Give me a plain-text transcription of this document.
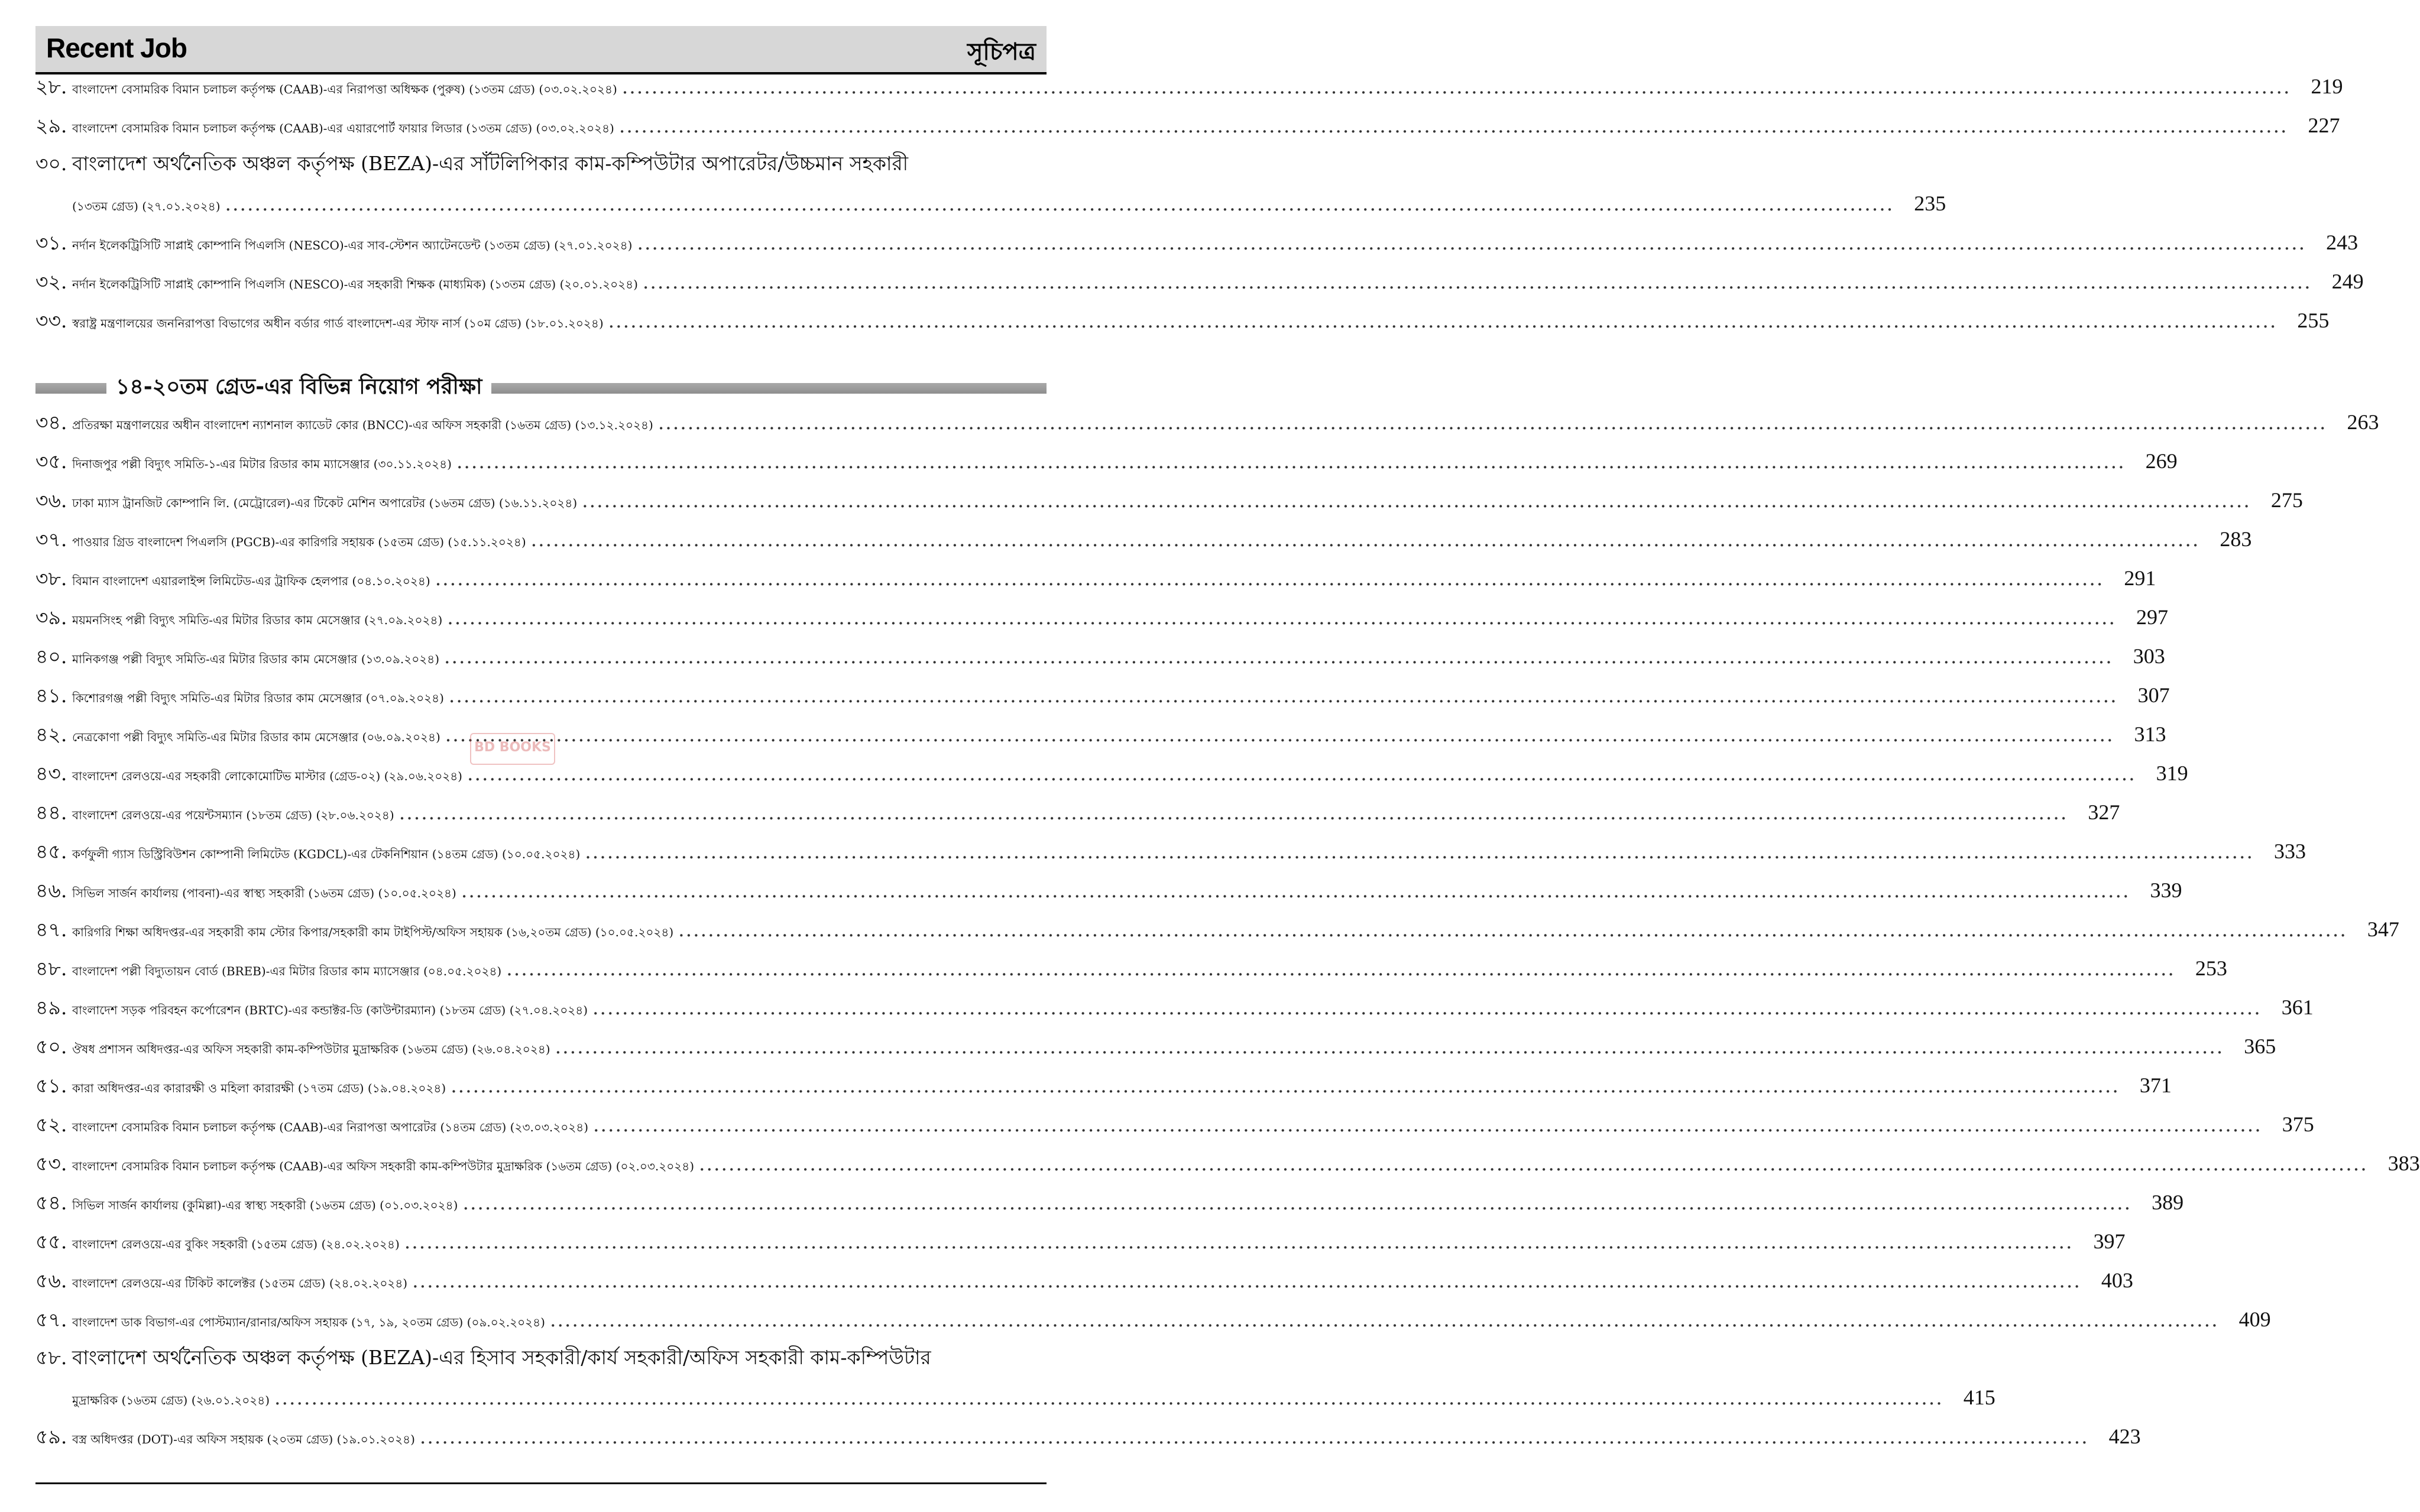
Recent Job	সূচিপত্র
২৮. বাংলাদেশ বেসামরিক বিমান চলাচল কর্তৃপক্ষ (CAAB)-এর নিরাপত্তা অধিক্ষক (পুরুষ) (১৩তম গ্রেড) (০৩.০২.২০২৪) .....	219
২৯. বাংলাদেশ বেসামরিক বিমান চলাচল কর্তৃপক্ষ (CAAB)-এর এয়ারপোর্ট ফায়ার লিডার (১৩তম গ্রেড) (০৩.০২.২০২৪) .....	227
৩০. বাংলাদেশ অর্থনৈতিক অঞ্চল কর্তৃপক্ষ (BEZA)-এর সাঁটলিপিকার কাম-কম্পিউটার অপারেটর/উচ্চমান সহকারী
(১৩তম গ্রেড) (২৭.০১.২০২৪) .....	235
৩১. নর্দান ইলেকট্রিসিটি সাপ্লাই কোম্পানি পিএলসি (NESCO)-এর সাব-স্টেশন অ্যাটেনডেন্ট (১৩তম গ্রেড) (২৭.০১.২০২৪) .....	243
৩২. নর্দান ইলেকট্রিসিটি সাপ্লাই কোম্পানি পিএলসি (NESCO)-এর সহকারী শিক্ষক (মাধ্যমিক) (১৩তম গ্রেড) (২০.০১.২০২৪) .....	249
৩৩. স্বরাষ্ট্র মন্ত্রণালয়ের জননিরাপত্তা বিভাগের অধীন বর্ডার গার্ড বাংলাদেশ-এর স্টাফ নার্স (১০ম গ্রেড) (১৮.০১.২০২৪) .....	255
১৪-২০তম গ্রেড-এর বিভিন্ন নিয়োগ পরীক্ষা
৩৪. প্রতিরক্ষা মন্ত্রণালয়ের অধীন বাংলাদেশ ন্যাশনাল ক্যাডেট কোর (BNCC)-এর অফিস সহকারী (১৬তম গ্রেড) (১৩.১২.২০২৪) .....	263
৩৫. দিনাজপুর পল্লী বিদ্যুৎ সমিতি-১-এর মিটার রিডার কাম ম্যাসেঞ্জার (৩০.১১.২০২৪) .....	269
৩৬. ঢাকা ম্যাস ট্রানজিট কোম্পানি লি. (মেট্রোরেল)-এর টিকেট মেশিন অপারেটর (১৬তম গ্রেড) (১৬.১১.২০২৪) .....	275
৩৭. পাওয়ার গ্রিড বাংলাদেশ পিএলসি (PGCB)-এর কারিগরি সহায়ক (১৫তম গ্রেড) (১৫.১১.২০২৪) .....	283
৩৮. বিমান বাংলাদেশ এয়ারলাইন্স লিমিটেড-এর ট্রাফিক হেলপার (০৪.১০.২০২৪) .....	291
৩৯. ময়মনসিংহ পল্লী বিদ্যুৎ সমিতি-এর মিটার রিডার কাম মেসেঞ্জার (২৭.০৯.২০২৪) .....	297
৪০. মানিকগঞ্জ পল্লী বিদ্যুৎ সমিতি-এর মিটার রিডার কাম মেসেঞ্জার (১৩.০৯.২০২৪) .....	303
৪১. কিশোরগঞ্জ পল্লী বিদ্যুৎ সমিতি-এর মিটার রিডার কাম মেসেঞ্জার (০৭.০৯.২০২৪) .....	307
৪২. নেত্রকোণা পল্লী বিদ্যুৎ সমিতি-এর মিটার রিডার কাম মেসেঞ্জার (০৬.০৯.২০২৪) .....	313
৪৩. বাংলাদেশ রেলওয়ে-এর সহকারী লোকোমোটিভ মাস্টার (গ্রেড-০২) (২৯.০৬.২০২৪) .....	319
৪৪. বাংলাদেশ রেলওয়ে-এর পয়েন্টসম্যান (১৮তম গ্রেড) (২৮.০৬.২০২৪) .....	327
৪৫. কর্ণফুলী গ্যাস ডিস্ট্রিবিউশন কোম্পানী লিমিটেড (KGDCL)-এর টেকনিশিয়ান (১৪তম গ্রেড) (১০.০৫.২০২৪) .....	333
৪৬. সিভিল সার্জন কার্যালয় (পাবনা)-এর স্বাস্থ্য সহকারী (১৬তম গ্রেড) (১০.০৫.২০২৪) .....	339
৪৭. কারিগরি শিক্ষা অধিদপ্তর-এর সহকারী কাম স্টোর কিপার/সহকারী কাম টাইপিস্ট/অফিস সহায়ক (১৬,২০তম গ্রেড) (১০.০৫.২০২৪) .....	347
৪৮. বাংলাদেশ পল্লী বিদ্যুতায়ন বোর্ড (BREB)-এর মিটার রিডার কাম ম্যাসেঞ্জার (০৪.০৫.২০২৪) .....	253
৪৯. বাংলাদেশ সড়ক পরিবহন কর্পোরেশন (BRTC)-এর কন্ডাক্টর-ডি (কাউন্টারম্যান) (১৮তম গ্রেড) (২৭.০৪.২০২৪) .....	361
৫০. ঔষধ প্রশাসন অধিদপ্তর-এর অফিস সহকারী কাম-কম্পিউটার মুদ্রাক্ষরিক (১৬তম গ্রেড) (২৬.০৪.২০২৪) .....	365
৫১. কারা অধিদপ্তর-এর কারারক্ষী ও মহিলা কারারক্ষী (১৭তম গ্রেড) (১৯.০৪.২০২৪) .....	371
৫২. বাংলাদেশ বেসামরিক বিমান চলাচল কর্তৃপক্ষ (CAAB)-এর নিরাপত্তা অপারেটর (১৪তম গ্রেড) (২৩.০৩.২০২৪) .....	375
৫৩. বাংলাদেশ বেসামরিক বিমান চলাচল কর্তৃপক্ষ (CAAB)-এর অফিস সহকারী কাম-কম্পিউটার মুদ্রাক্ষরিক (১৬তম গ্রেড) (০২.০৩.২০২৪) .....	383
৫৪. সিভিল সার্জন কার্যালয় (কুমিল্লা)-এর স্বাস্থ্য সহকারী (১৬তম গ্রেড) (০১.০৩.২০২৪) .....	389
৫৫. বাংলাদেশ রেলওয়ে-এর বুকিং সহকারী (১৫তম গ্রেড) (২৪.০২.২০২৪) .....	397
৫৬. বাংলাদেশ রেলওয়ে-এর টিকিট কালেক্টর (১৫তম গ্রেড) (২৪.০২.২০২৪) .....	403
৫৭. বাংলাদেশ ডাক বিভাগ-এর পোস্টম্যান/রানার/অফিস সহায়ক (১৭, ১৯, ২০তম গ্রেড) (০৯.০২.২০২৪) .....	409
৫৮. বাংলাদেশ অর্থনৈতিক অঞ্চল কর্তৃপক্ষ (BEZA)-এর হিসাব সহকারী/কার্য সহকারী/অফিস সহকারী কাম-কম্পিউটার
মুদ্রাক্ষরিক (১৬তম গ্রেড) (২৬.০১.২০২৪) .....	415
৫৯. বস্ত্র অধিদপ্তর (DOT)-এর অফিস সহায়ক (২০তম গ্রেড) (১৯.০১.২০২৪) .....	423
BD BOOKS
